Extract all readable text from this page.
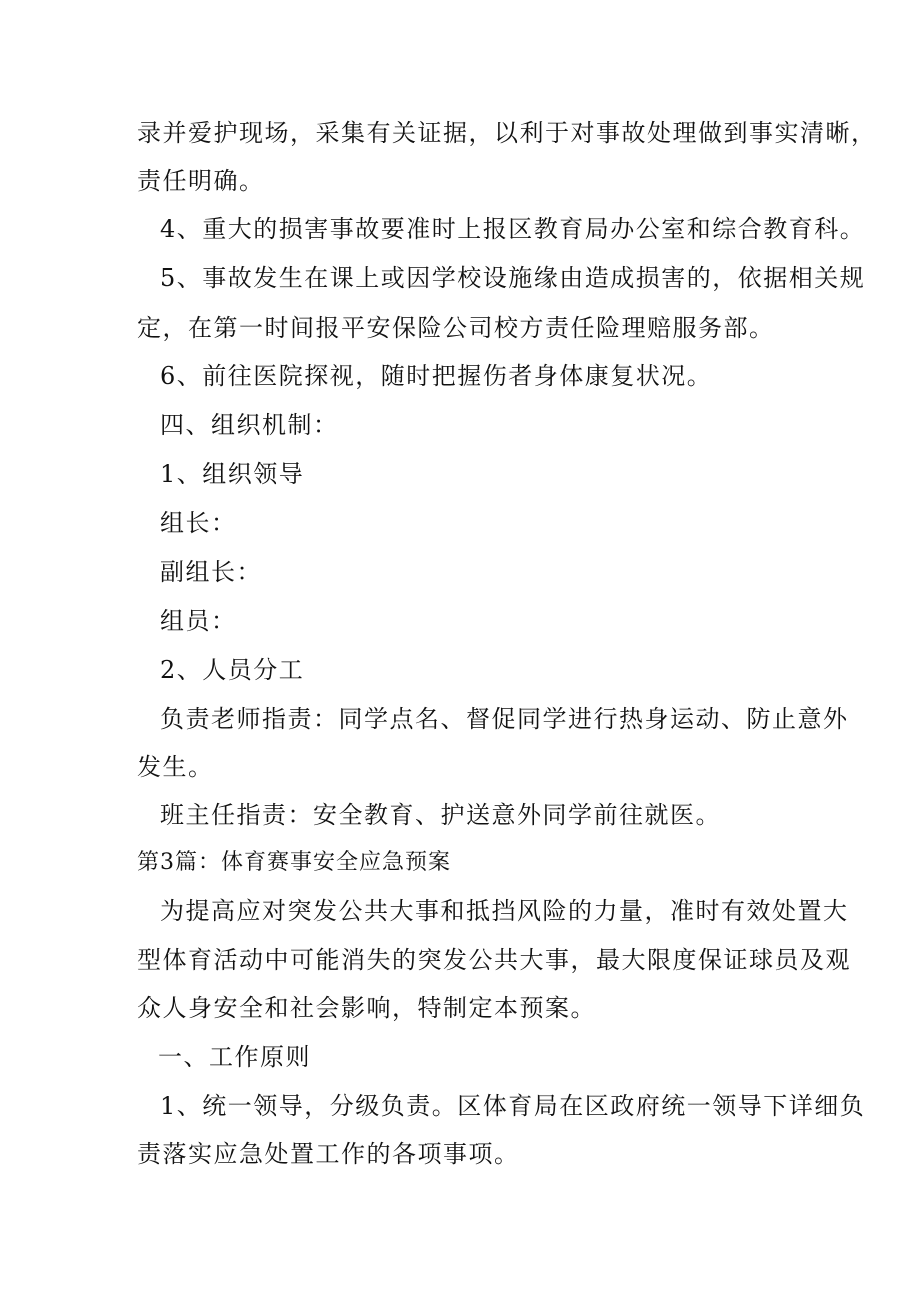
录并爱护现场，采集有关证据，以利于对事故处理做到事实清晰，
责任明确。
4、重大的损害事故要准时上报区教育局办公室和综合教育科。
5、事故发生在课上或因学校设施缘由造成损害的，依据相关规
定，在第一时间报平安保险公司校方责任险理赔服务部。
6、前往医院探视，随时把握伤者身体康复状况。
四、组织机制：
1、组织领导
组长：
副组长：
组员：
2、人员分工
负责老师指责：同学点名、督促同学进行热身运动、防止意外
发生。
班主任指责：安全教育、护送意外同学前往就医。
第3篇：体育赛事安全应急预案
为提高应对突发公共大事和抵挡风险的力量，准时有效处置大
型体育活动中可能消失的突发公共大事，最大限度保证球员及观
众人身安全和社会影响，特制定本预案。
一、工作原则
1、统一领导，分级负责。区体育局在区政府统一领导下详细负
责落实应急处置工作的各项事项。
